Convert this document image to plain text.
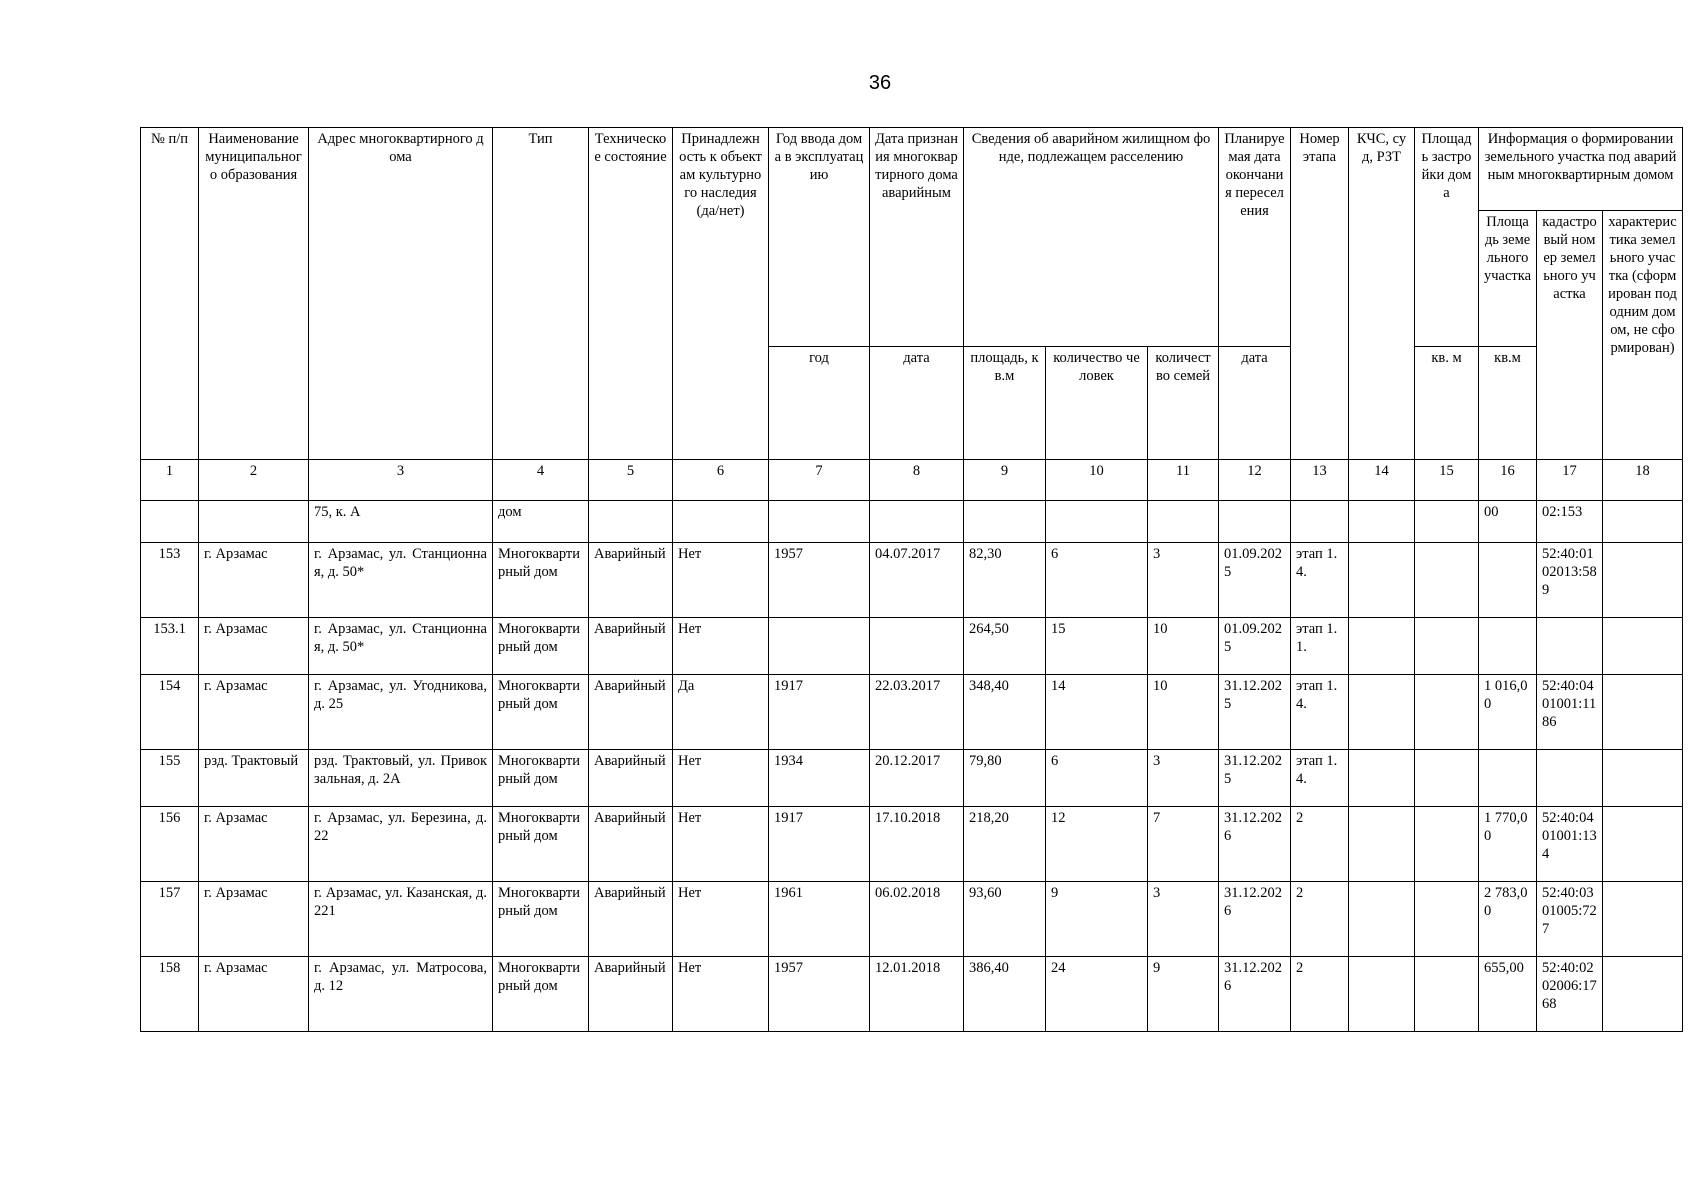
36
№ п/п	Наименование муниципального образования	Адрес многоквартирного дома	Тип	Техническое состояние	Принадлежность к объектам культурного наследия (да/нет)	Год ввода дома в эксплуатацию	Дата признания многоквартирного дома аварийным	Сведения об аварийном жилищном фонде, подлежащем расселению			Планируемая дата окончания переселения	Номер этапа	КЧС, суд, РЗТ	Площадь застройки дома	Информация о формировании земельного участка под аварийным многоквартирным домом		
															Площадь земельного участка	кадастровый номер земельного участка	характеристика земельного участка (сформирован под одним домом, не сформирован)
						год	дата	площадь, кв.м	количество человек	количество семей	дата			кв. м	кв.м		
1	2	3	4	5	6	7	8	9	10	11	12	13	14	15	16	17	18
		75, к. А	дом												00	02:153	
153	г. Арзамас	г. Арзамас, ул. Станционная, д. 50*	Многоквартирный дом	Аварийный	Нет	1957	04.07.2017	82,30	6	3	01.09.2025	этап 1.4.				52:40:0102013:589	
153.1	г. Арзамас	г. Арзамас, ул. Станционная, д. 50*	Многоквартирный дом	Аварийный	Нет			264,50	15	10	01.09.2025	этап 1.1.					
154	г. Арзамас	г. Арзамас, ул. Угодникова, д. 25	Многоквартирный дом	Аварийный	Да	1917	22.03.2017	348,40	14	10	31.12.2025	этап 1.4.			1 016,00	52:40:0401001:1186	
155	рзд. Трактовый	рзд. Трактовый, ул. Привокзальная, д. 2А	Многоквартирный дом	Аварийный	Нет	1934	20.12.2017	79,80	6	3	31.12.2025	этап 1.4.					
156	г. Арзамас	г. Арзамас, ул. Березина, д. 22	Многоквартирный дом	Аварийный	Нет	1917	17.10.2018	218,20	12	7	31.12.2026	2			1 770,00	52:40:0401001:134	
157	г. Арзамас	г. Арзамас, ул. Казанская, д. 221	Многоквартирный дом	Аварийный	Нет	1961	06.02.2018	93,60	9	3	31.12.2026	2			2 783,00	52:40:0301005:727	
158	г. Арзамас	г. Арзамас, ул. Матросова, д. 12	Многоквартирный дом	Аварийный	Нет	1957	12.01.2018	386,40	24	9	31.12.2026	2			655,00	52:40:0202006:1768	
